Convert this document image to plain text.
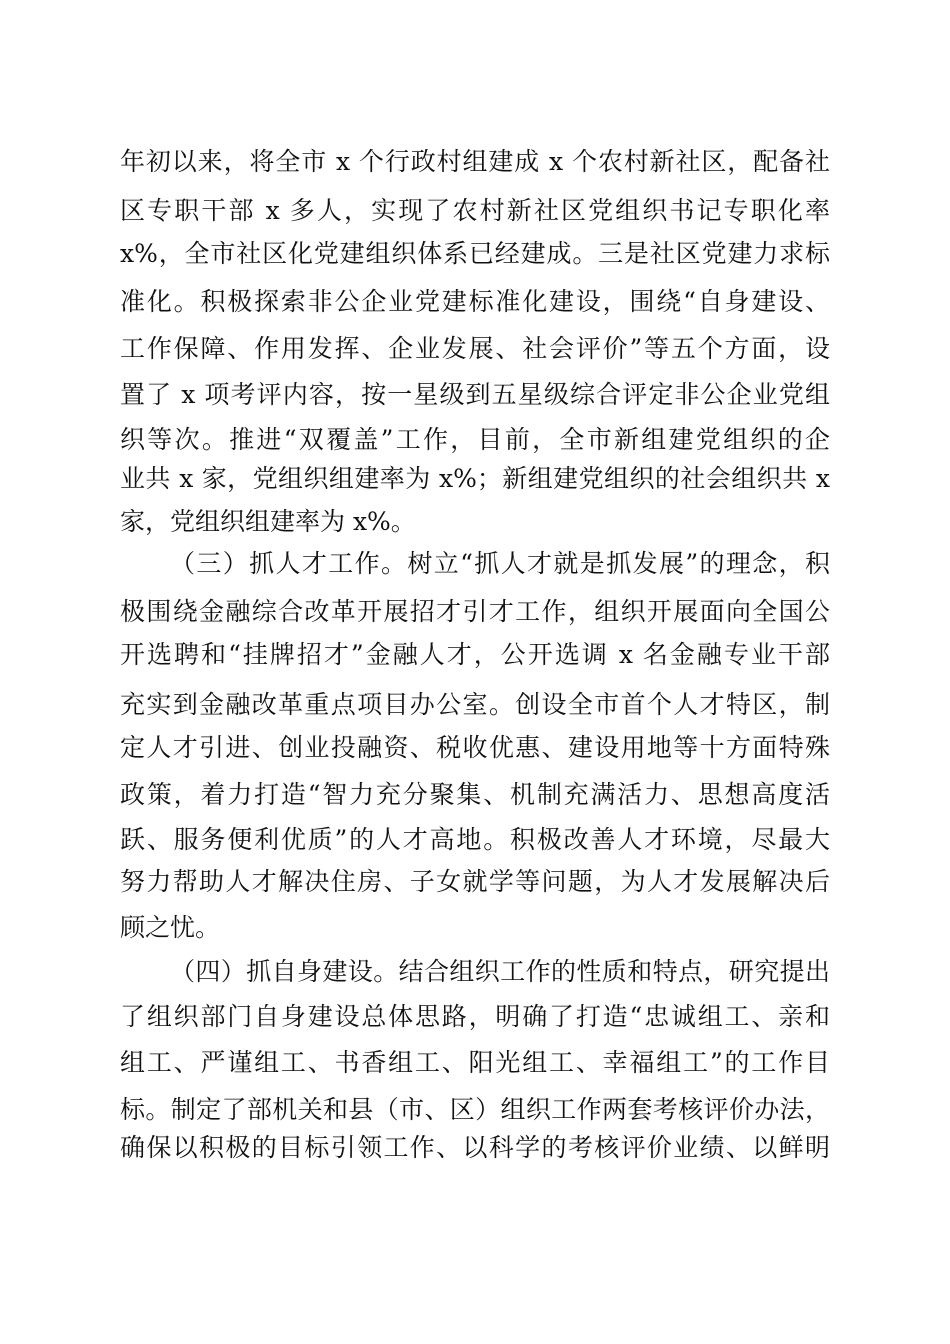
年初以来，将全市 x 个行政村组建成 x 个农村新社区，配备社

区专职干部 x 多人，实现了农村新社区党组织书记专职化率

x%，全市社区化党建组织体系已经建成。三是社区党建力求标

准化。积极探索非公企业党建标准化建设，围绕“自身建设、

工作保障、作用发挥、企业发展、社会评价”等五个方面，设

置了 x 项考评内容，按一星级到五星级综合评定非公企业党组

织等次。推进“双覆盖”工作，目前，全市新组建党组织的企

业共 x 家，党组织组建率为 x%；新组建党组织的社会组织共 x

家，党组织组建率为 x%。

（三）抓人才工作。树立“抓人才就是抓发展”的理念，积

极围绕金融综合改革开展招才引才工作，组织开展面向全国公

开选聘和“挂牌招才”金融人才，公开选调 x 名金融专业干部

充实到金融改革重点项目办公室。创设全市首个人才特区，制

定人才引进、创业投融资、税收优惠、建设用地等十方面特殊

政策，着力打造“智力充分聚集、机制充满活力、思想高度活

跃、服务便利优质”的人才高地。积极改善人才环境，尽最大

努力帮助人才解决住房、子女就学等问题，为人才发展解决后

顾之忧。

（四）抓自身建设。结合组织工作的性质和特点，研究提出

了组织部门自身建设总体思路，明确了打造“忠诚组工、亲和

组工、严谨组工、书香组工、阳光组工、幸福组工”的工作目

标。制定了部机关和县（市、区）组织工作两套考核评价办法，

确保以积极的目标引领工作、以科学的考核评价业绩、以鲜明
